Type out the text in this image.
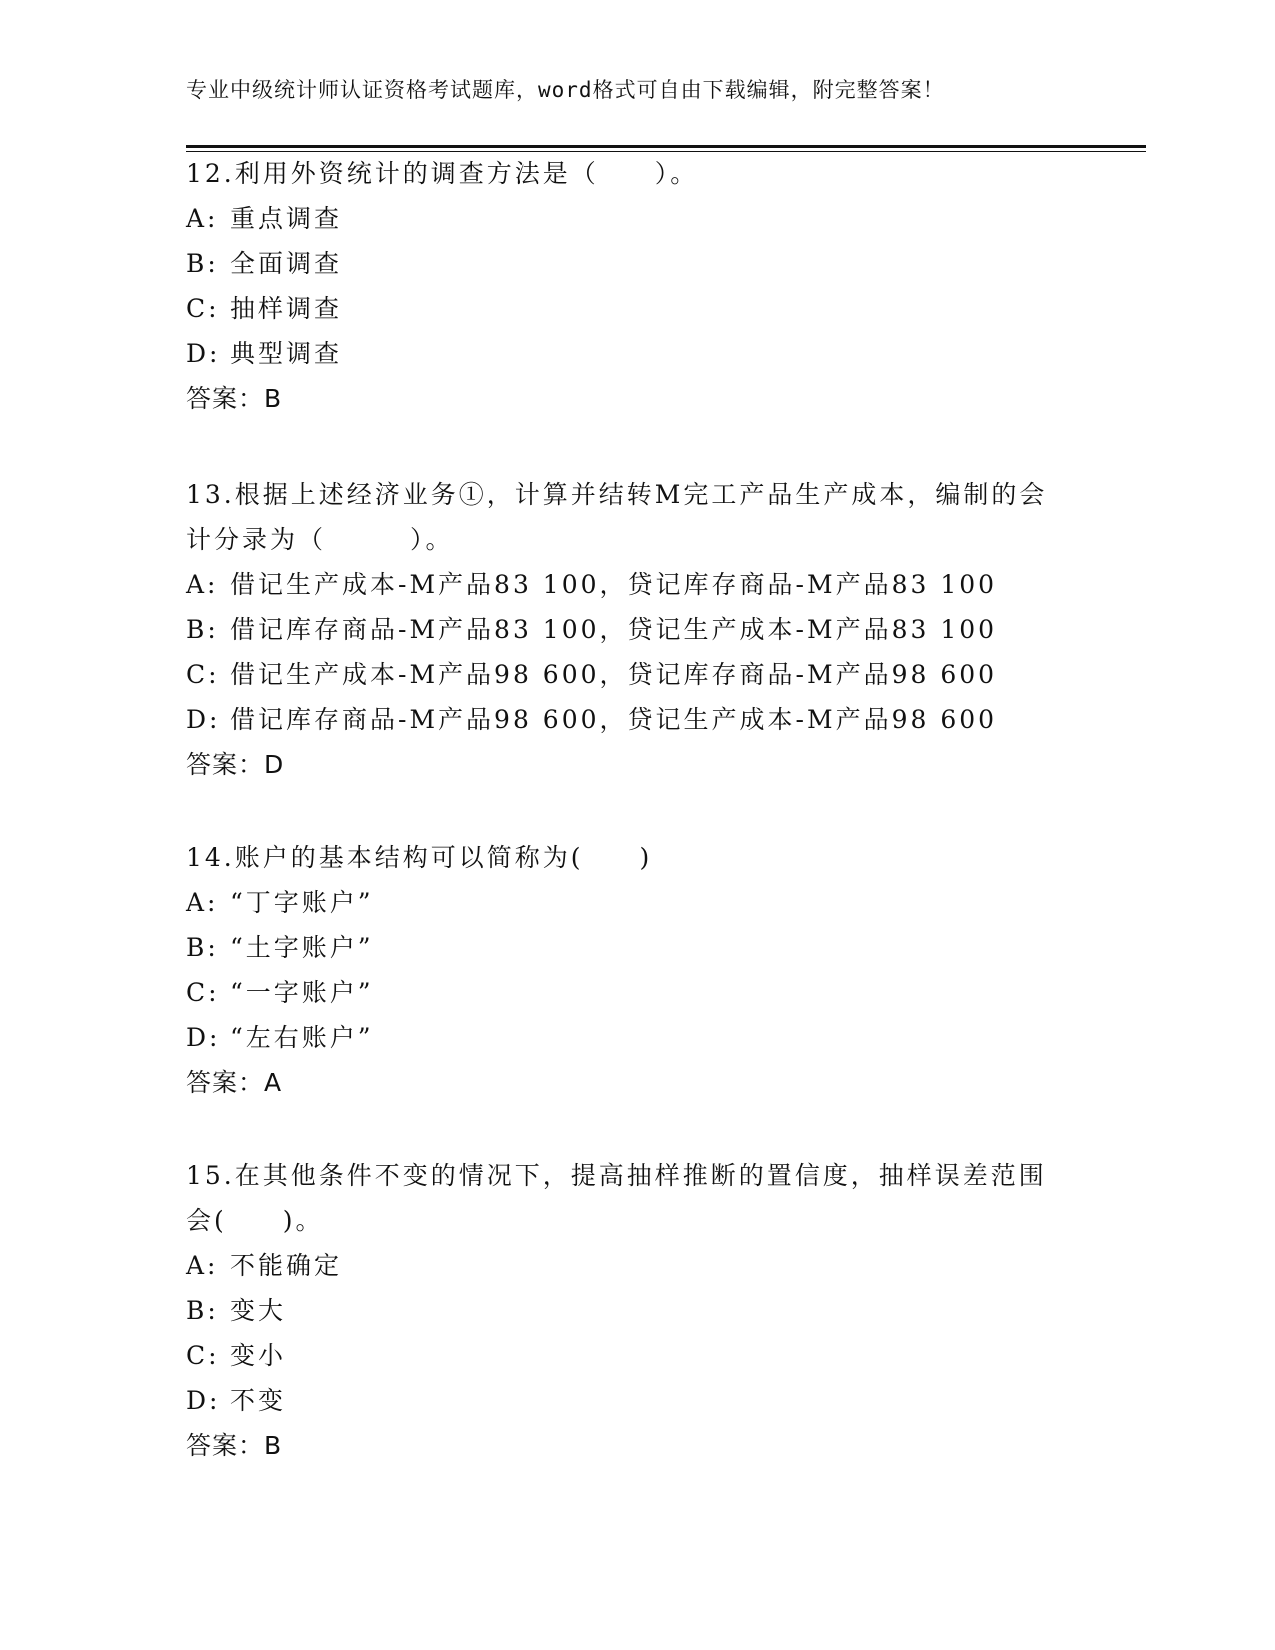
专业中级统计师认证资格考试题库，word格式可自由下载编辑，附完整答案！
12.利用外资统计的调查方法是（　　）。
A: 重点调查
B: 全面调查
C: 抽样调查
D: 典型调查
答案：B
13.根据上述经济业务①，计算并结转M完工产品生产成本，编制的会
计分录为（　　　）。
A: 借记生产成本-M产品83 100，贷记库存商品-M产品83 100
B: 借记库存商品-M产品83 100，贷记生产成本-M产品83 100
C: 借记生产成本-M产品98 600，贷记库存商品-M产品98 600
D: 借记库存商品-M产品98 600，贷记生产成本-M产品98 600
答案：D
14.账户的基本结构可以简称为(　　)
A: “丁字账户”
B: “土字账户”
C: “一字账户”
D: “左右账户”
答案：A
15.在其他条件不变的情况下，提高抽样推断的置信度，抽样误差范围
会(　　)。
A: 不能确定
B: 变大
C: 变小
D: 不变
答案：B
